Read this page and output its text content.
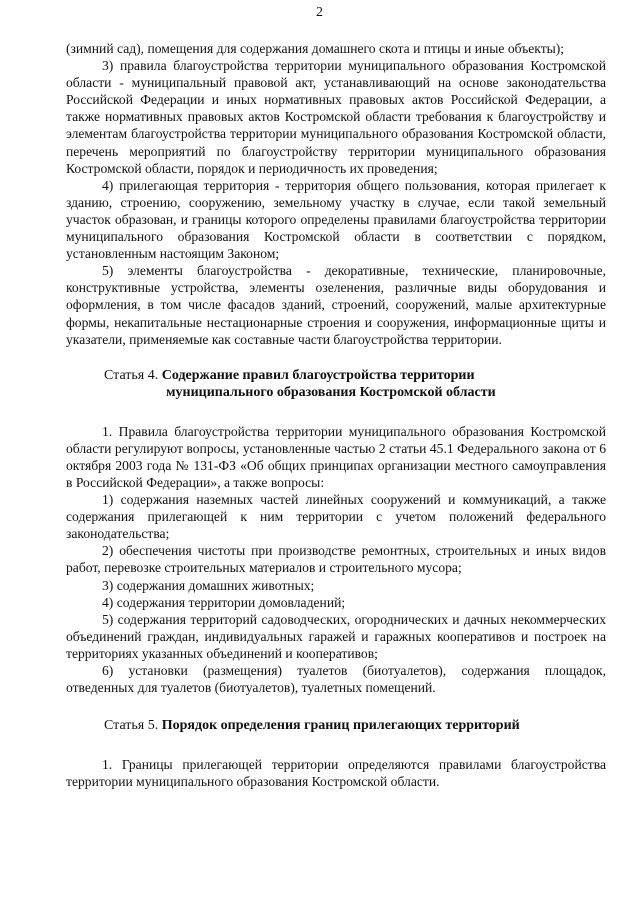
2

(зимний сад), помещения для содержания домашнего скота и птицы и иные объекты);

3) правила благоустройства территории муниципального образования Костромской области - муниципальный правовой акт, устанавливающий на основе законодательства Российской Федерации и иных нормативных правовых актов Российской Федерации, а также нормативных правовых актов Костромской области требования к благоустройству и элементам благоустройства территории муниципального образования Костромской области, перечень мероприятий по благоустройству территории муниципального образования Костромской области, порядок и периодичность их проведения;

4) прилегающая территория - территория общего пользования, которая прилегает к зданию, строению, сооружению, земельному участку в случае, если такой земельный участок образован, и границы которого определены правилами благоустройства территории муниципального образования Костромской области в соответствии с порядком, установленным настоящим Законом;

5) элементы благоустройства - декоративные, технические, планировочные, конструктивные устройства, элементы озеленения, различные виды оборудования и оформления, в том числе фасадов зданий, строений, сооружений, малые архитектурные формы, некапитальные нестационарные строения и сооружения, информационные щиты и указатели, применяемые как составные части благоустройства территории.

Статья 4. Содержание правил благоустройства территории
муниципального образования Костромской области

1. Правила благоустройства территории муниципального образования Костромской области регулируют вопросы, установленные частью 2 статьи 45.1 Федерального закона от 6 октября 2003 года № 131-ФЗ «Об общих принципах организации местного самоуправления в Российской Федерации», а также вопросы:

1) содержания наземных частей линейных сооружений и коммуникаций, а также содержания прилегающей к ним территории с учетом положений федерального законодательства;

2) обеспечения чистоты при производстве ремонтных, строительных и иных видов работ, перевозке строительных материалов и строительного мусора;

3) содержания домашних животных;

4) содержания территории домовладений;

5) содержания территорий садоводческих, огороднических и дачных некоммерческих объединений граждан, индивидуальных гаражей и гаражных кооперативов и построек на территориях указанных объединений и кооперативов;

6) установки (размещения) туалетов (биотуалетов), содержания площадок, отведенных для туалетов (биотуалетов), туалетных помещений.

Статья 5. Порядок определения границ прилегающих территорий

1. Границы прилегающей территории определяются правилами благоустройства территории муниципального образования Костромской области.
